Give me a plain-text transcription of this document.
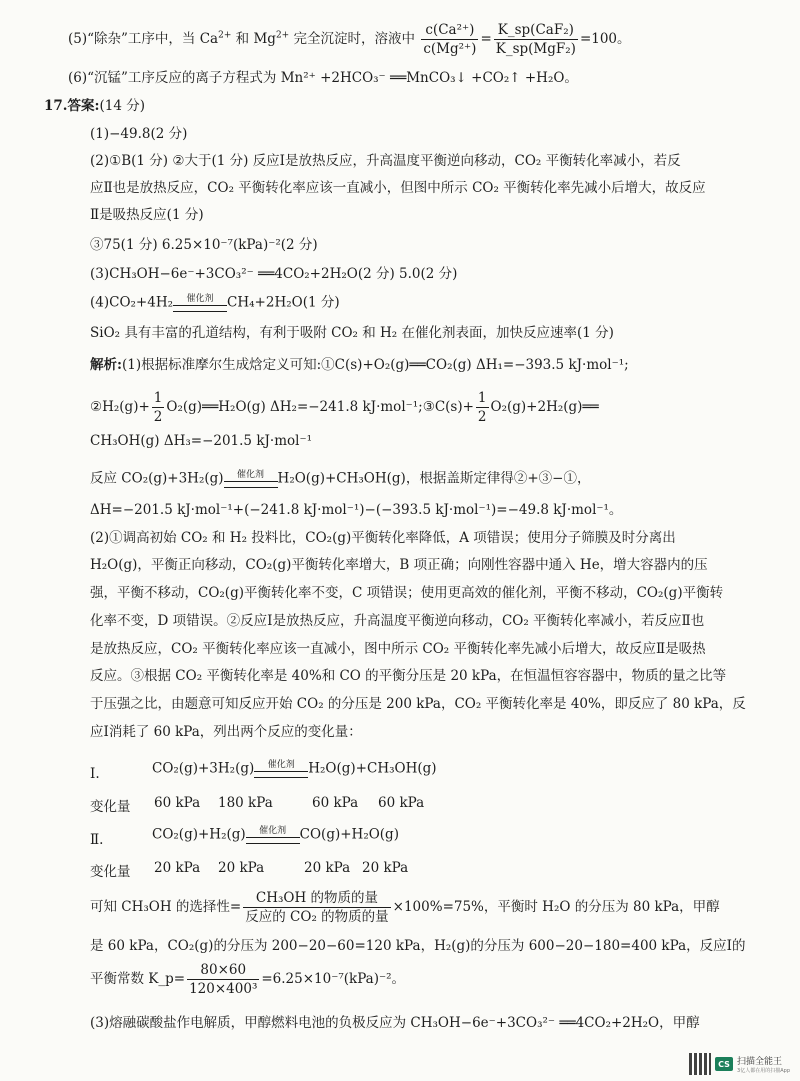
(5)“除杂”工序中，当 $Ca^{2+}$ 和 $Mg^{2+}$ 完全沉淀时，溶液中 $\frac{\text{c(Ca²⁺)}}{\text{c(Mg²⁺)}} = \frac{\text{K\_sp(CaF₂)}}{\text{K\_sp(MgF₂)}} =100$。
(6)“沉锰”工序反应的离子方程式为 Mn²⁺ +2HCO₃⁻ ══MnCO₃↓ +CO₂↑ +H₂O。
17.答案:(14 分)
(1)−49.8(2 分)
(2)①B(1 分) ②大于(1 分) 反应Ⅰ是放热反应，升高温度平衡逆向移动，CO₂ 平衡转化率减小，若反
应Ⅱ也是放热反应，CO₂ 平衡转化率应该一直减小，但图中所示 CO₂ 平衡转化率先减小后增大，故反应
Ⅱ是吸热反应(1 分)
③75(1 分) 6.25×10⁻⁷(kPa)⁻²(2 分)
(3)CH₃OH−6e⁻+3CO₃²⁻ ══4CO₂+2H₂O(2 分) 5.0(2 分)
(4)CO₂+4H₂	催化剂	CH₄+2H₂O(1 分)
SiO₂ 具有丰富的孔道结构，有利于吸附 CO₂ 和 H₂ 在催化剂表面，加快反应速率(1 分)
解析:(1)根据标准摩尔生成焓定义可知:①C(s)+O₂(g)══CO₂(g) ΔH₁=−393.5 kJ·mol⁻¹;
②H₂(g)+ $\frac{1}{2}$ O₂(g)══H₂O(g) ΔH₂=−241.8 kJ·mol⁻¹;③C(s)+ $\frac{1}{2}$ O₂(g)+2H₂(g)══
CH₃OH(g) ΔH₃=−201.5 kJ·mol⁻¹
反应 CO₂(g)+3H₂(g)	催化剂	H₂O(g)+CH₃OH(g)，根据盖斯定律得②+③−①，
ΔH=−201.5 kJ·mol⁻¹+(−241.8 kJ·mol⁻¹)−(−393.5 kJ·mol⁻¹)=−49.8 kJ·mol⁻¹。
(2)①调高初始 CO₂ 和 H₂ 投料比，CO₂(g)平衡转化率降低，A 项错误；使用分子筛膜及时分离出
H₂O(g)，平衡正向移动，CO₂(g)平衡转化率增大，B 项正确；向刚性容器中通入 He，增大容器内的压
强，平衡不移动，CO₂(g)平衡转化率不变，C 项错误；使用更高效的催化剂，平衡不移动，CO₂(g)平衡转
化率不变，D 项错误。②反应Ⅰ是放热反应，升高温度平衡逆向移动，CO₂ 平衡转化率减小，若反应Ⅱ也
是放热反应，CO₂ 平衡转化率应该一直减小，图中所示 CO₂ 平衡转化率先减小后增大，故反应Ⅱ是吸热
反应。③根据 CO₂ 平衡转化率是 40%和 CO 的平衡分压是 20 kPa，在恒温恒容容器中，物质的量之比等
于压强之比，由题意可知反应开始 CO₂ 的分压是 200 kPa，CO₂ 平衡转化率是 40%，即反应了 80 kPa，反
应Ⅰ消耗了 60 kPa，列出两个反应的变化量：
Ⅰ.	CO₂(g)+3H₂(g)	催化剂	H₂O(g)+CH₃OH(g)
变化量 60 kPa 180 kPa	60 kPa 60 kPa
Ⅱ.	CO₂(g)+H₂(g)	催化剂	CO(g)+H₂O(g)
变化量 20 kPa 20 kPa	20 kPa 20 kPa
可知 CH₃OH 的选择性= $\frac{\text{CH₃OH 的物质的量}}{\text{反应的 CO₂ 的物质的量}} \times 100\%=75\%$，平衡时 H₂O 的分压为 80 kPa，甲醇
是 60 kPa，CO₂(g)的分压为 200−20−60=120 kPa，H₂(g)的分压为 600−20−180=400 kPa，反应Ⅰ的
平衡常数 K_p= $\frac{80\times 60}{\text{120×400³}} =6.25\times 10^{-7}(kPa)^{-2}$。
(3)熔融碳酸盐作电解质，甲醇燃料电池的负极反应为 CH₃OH−6e⁻+3CO₃²⁻ ══4CO₂+2H₂O，甲醇
CS 扫描全能王
3亿人都在用的扫描App
